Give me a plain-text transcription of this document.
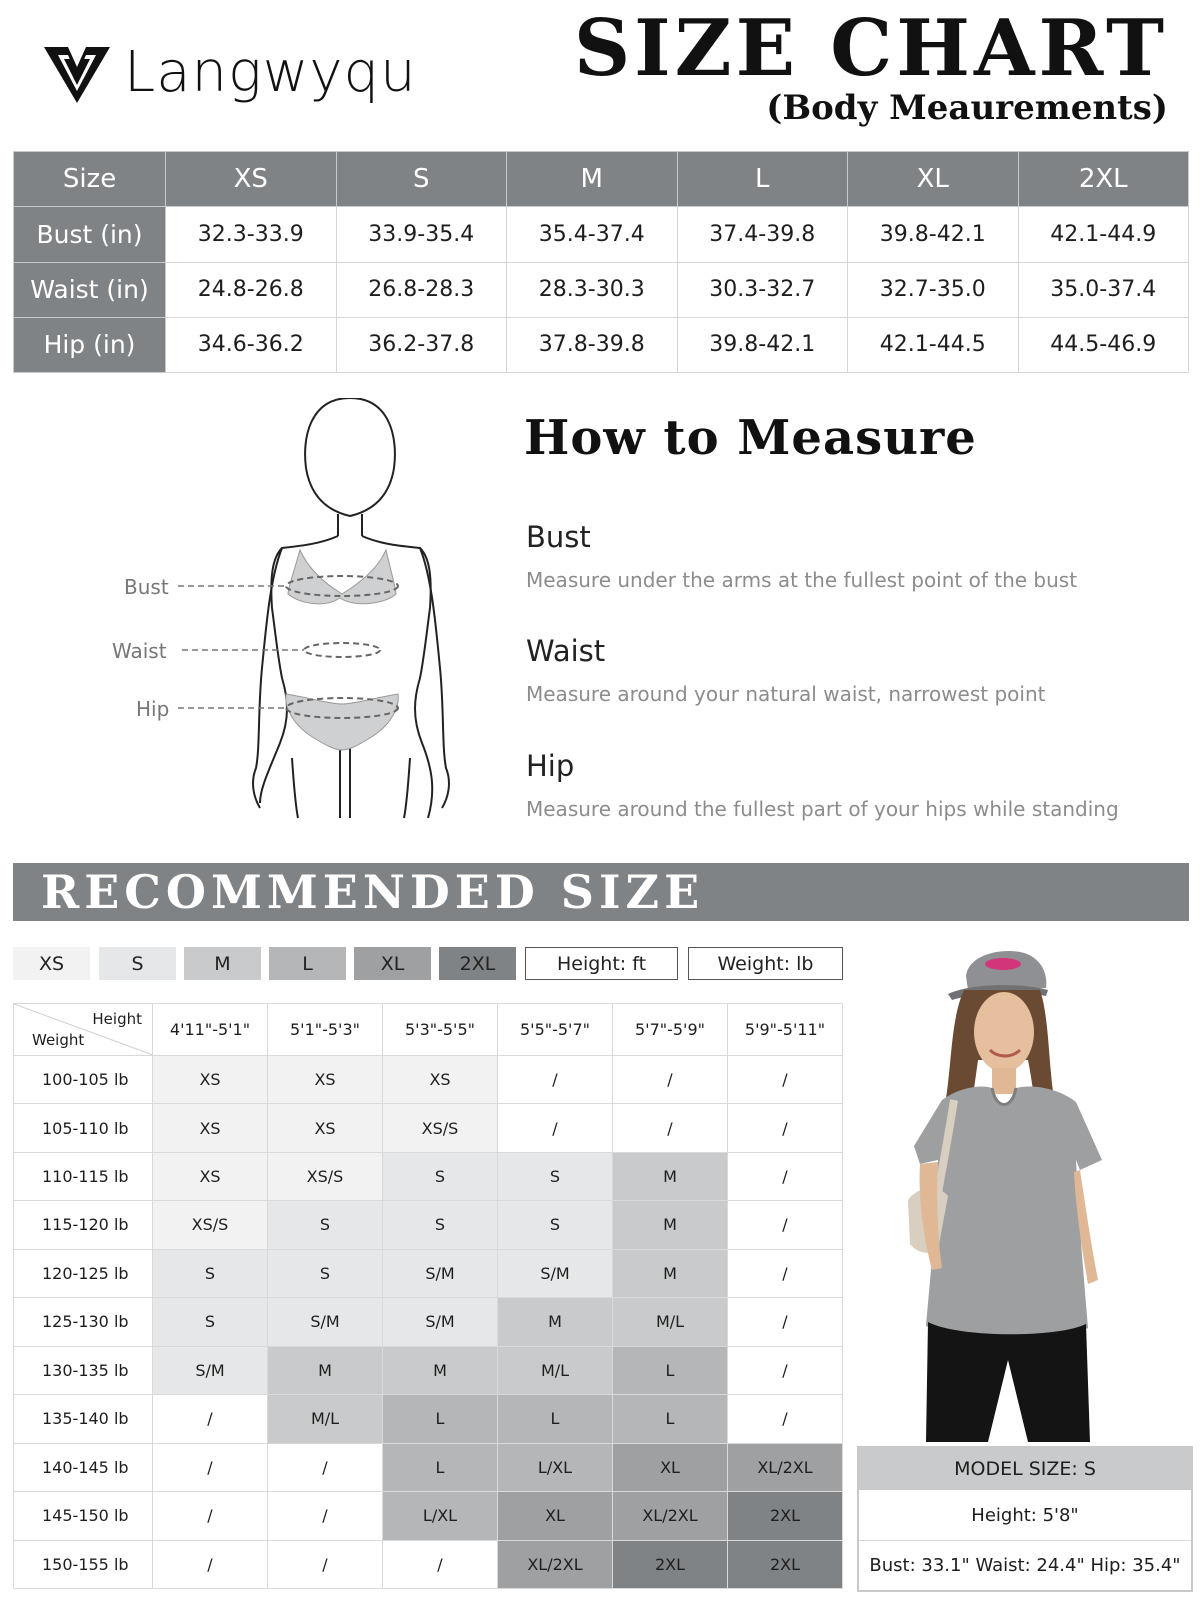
Langwyqu SIZE CHART
(Body Meaurements)
Size	XS	S	M	L	XL	2XL
Bust (in)	32.3-33.9	33.9-35.4	35.4-37.4	37.4-39.8	39.8-42.1	42.1-44.9
Waist (in)	24.8-26.8	26.8-28.3	28.3-30.3	30.3-32.7	32.7-35.0	35.0-37.4
Hip (in)	34.6-36.2	36.2-37.8	37.8-39.8	39.8-42.1	42.1-44.5	44.5-46.9
Bust
Waist
Hip
How to Measure
Bust
Measure under the arms at the fullest point of the bust
Waist
Measure around your natural waist, narrowest point
Hip
Measure around the fullest part of your hips while standing
RECOMMENDED SIZE
XS	S	M	L	XL	2XL	Height: ft	Weight: lb
Height
Weight	4'11"-5'1"	5'1"-5'3"	5'3"-5'5"	5'5"-5'7"	5'7"-5'9"	5'9"-5'11"
100-105 lb	XS	XS	XS	/	/	/
105-110 lb	XS	XS	XS/S	/	/	/
110-115 lb	XS	XS/S	S	S	M	/
115-120 lb	XS/S	S	S	S	M	/
120-125 lb	S	S	S/M	S/M	M	/
125-130 lb	S	S/M	S/M	M	M/L	/
130-135 lb	S/M	M	M	M/L	L	/
135-140 lb	/	M/L	L	L	L	/
140-145 lb	/	/	L	L/XL	XL	XL/2XL
145-150 lb	/	/	L/XL	XL	XL/2XL	2XL
150-155 lb	/	/	/	XL/2XL	2XL	2XL
MODEL SIZE: S
Height: 5'8"
Bust: 33.1" Waist: 24.4" Hip: 35.4"
